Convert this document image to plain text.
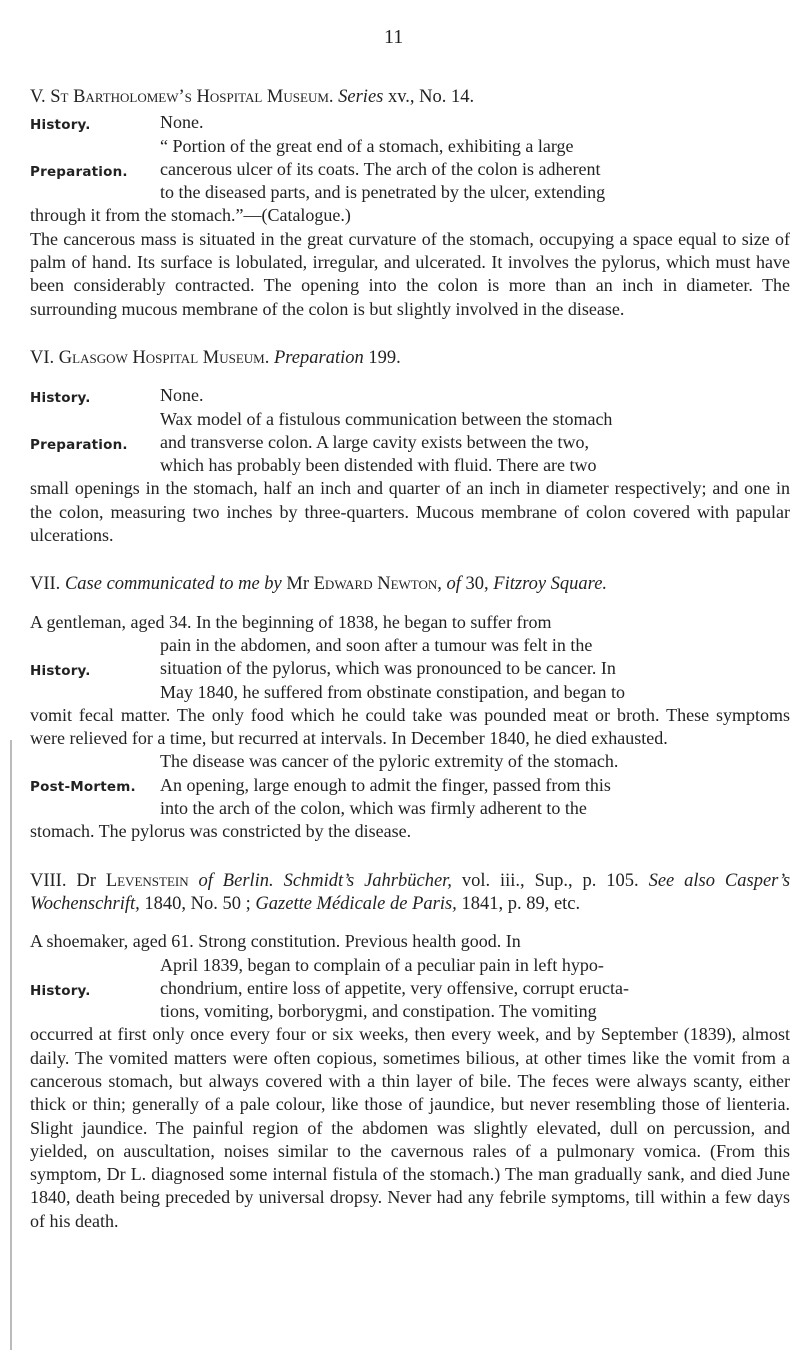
11
V. St Bartholomew’s Hospital Museum. Series xv., No. 14.
History.	None.
Preparation.
“ Portion of the great end of a stomach, exhibiting a large
cancerous ulcer of its coats. The arch of the colon is adherent
to the diseased parts, and is penetrated by the ulcer, extending
through it from the stomach.”—(Catalogue.)

The cancerous mass is situated in the great curvature of the stomach, occupying a space equal to size of palm of hand. Its surface is lobulated, irregular, and ulcerated. It involves the pylorus, which must have been considerably contracted. The opening into the colon is more than an inch in diameter. The surrounding mucous membrane of the colon is but slightly involved in the disease.

VI. Glasgow Hospital Museum. Preparation 199.
History.	None.
Preparation.
Wax model of a fistulous communication between the stomach
and transverse colon. A large cavity exists between the two,
which has probably been distended with fluid. There are two

small openings in the stomach, half an inch and quarter of an inch in diameter respectively; and one in the colon, measuring two inches by three-quarters. Mucous membrane of colon covered with papular ulcerations.

VII. Case communicated to me by Mr Edward Newton, of 30, Fitzroy Square.
A gentleman, aged 34. In the beginning of 1838, he began to suffer from
History.
pain in the abdomen, and soon after a tumour was felt in the
situation of the pylorus, which was pronounced to be cancer. In
May 1840, he suffered from obstinate constipation, and began to

vomit fecal matter. The only food which he could take was pounded meat or broth. These symptoms were relieved for a time, but recurred at intervals. In December 1840, he died exhausted.

Post-Mortem.
The disease was cancer of the pyloric extremity of the stomach.
An opening, large enough to admit the finger, passed from this
into the arch of the colon, which was firmly adherent to the

stomach. The pylorus was constricted by the disease.

VIII. Dr Levenstein of Berlin. Schmidt’s Jahrbücher, vol. iii., Sup., p. 105. See also Casper’s Wochenschrift, 1840, No. 50 ; Gazette Médicale de Paris, 1841, p. 89, etc.
A shoemaker, aged 61. Strong constitution. Previous health good. In
History.
April 1839, began to complain of a peculiar pain in left hypo-
chondrium, entire loss of appetite, very offensive, corrupt eructa-
tions, vomiting, borborygmi, and constipation. The vomiting

occurred at first only once every four or six weeks, then every week, and by September (1839), almost daily. The vomited matters were often copious, sometimes bilious, at other times like the vomit from a cancerous stomach, but always covered with a thin layer of bile. The feces were always scanty, either thick or thin; generally of a pale colour, like those of jaundice, but never resembling those of lienteria. Slight jaundice. The painful region of the abdomen was slightly elevated, dull on percussion, and yielded, on auscultation, noises similar to the cavernous rales of a pulmonary vomica. (From this symptom, Dr L. diagnosed some internal fistula of the stomach.) The man gradually sank, and died June 1840, death being preceded by universal dropsy. Never had any febrile symptoms, till within a few days of his death.
